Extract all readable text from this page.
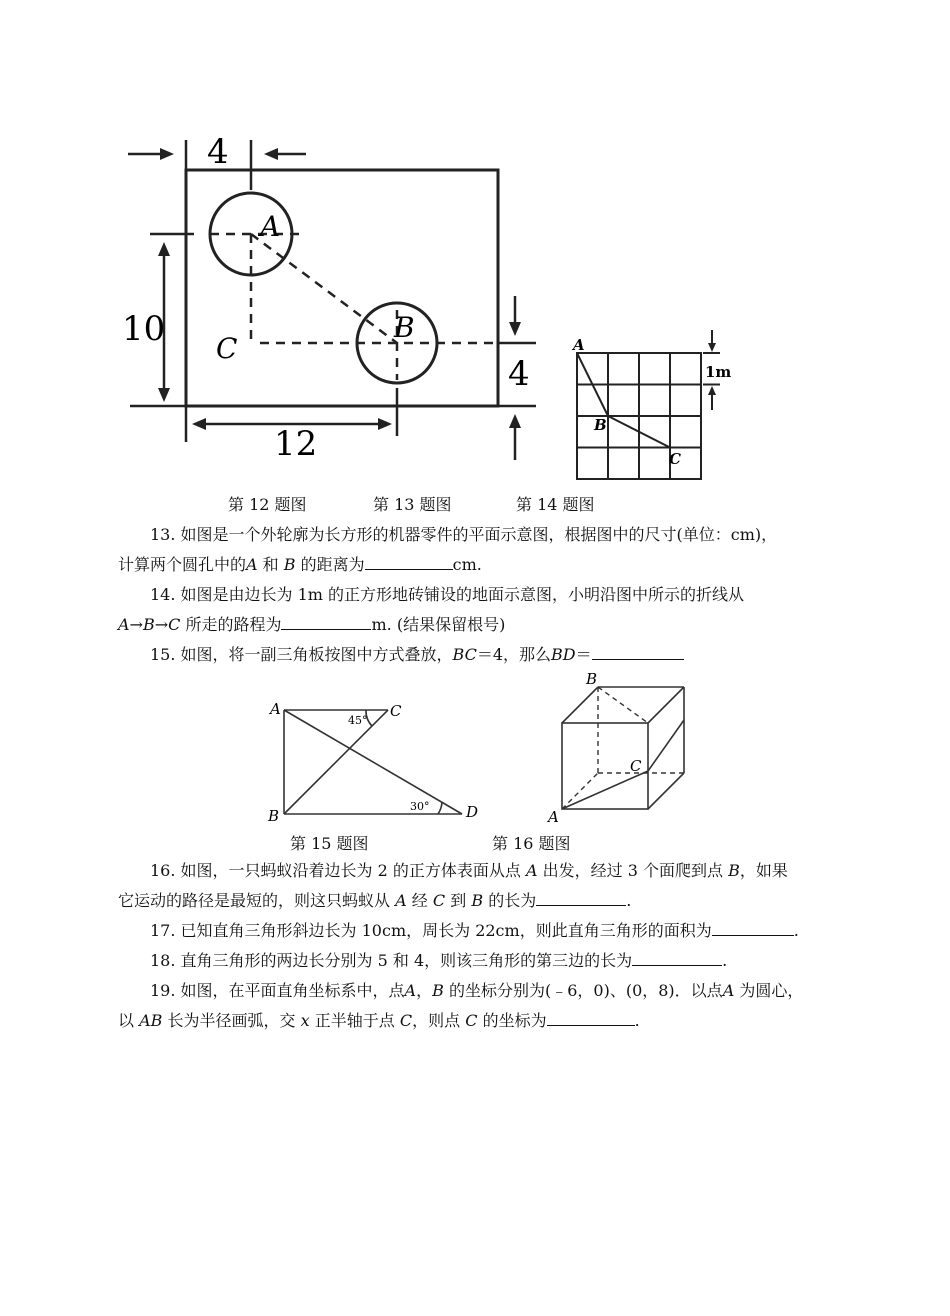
4
10
12
4
A
B
C	A
B
C
1m
第 12 题图	第 13 题图	第 14 题图
13. 如图是一个外轮廓为长方形的机器零件的平面示意图，根据图中的尺寸(单位：cm)，
计算两个圆孔中的A 和 B 的距离为	cm.
14. 如图是由边长为 1m 的正方形地砖铺设的地面示意图，小明沿图中所示的折线从
A→B→C 所走的路程为	m. (结果保留根号)
15. 如图，将一副三角板按图中方式叠放，BC＝4，那么BD＝
A	C
B	D
45°
30°
B
C
A
第 15 题图	第 16 题图
16. 如图，一只蚂蚁沿着边长为 2 的正方体表面从点 A 出发，经过 3 个面爬到点 B，如果
它运动的路径是最短的，则这只蚂蚁从 A 经 C 到 B 的长为	.
17. 已知直角三角形斜边长为 10cm，周长为 22cm，则此直角三角形的面积为	.
18. 直角三角形的两边长分别为 5 和 4，则该三角形的第三边的长为	.
19. 如图，在平面直角坐标系中，点A，B 的坐标分别为(﹣6，0)、(0，8)．以点A 为圆心，
以 AB 长为半径画弧，交 x 正半轴于点 C，则点 C 的坐标为	.
